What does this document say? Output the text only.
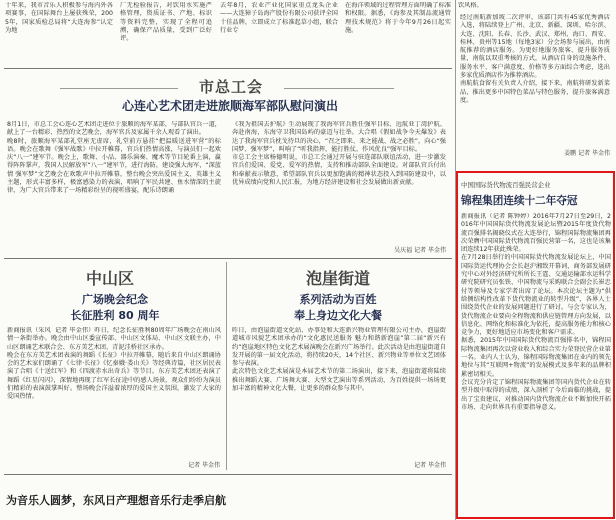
十年来，我市音乐人积极参与海内外各项赛事，在国际舞台上屡获殊荣，2005年，国家质检总局将“大连海参”认定为地
厂无检验报告，对饮用水实施严格管理，资质证书、产地、标识等资料完整，实现了全程可追溯，确保产品质量，受到广泛好评。
去年8月，农业产业化国家重点龙头企业——大连獐子岛海产股份有限公司获评全国十佳品牌，立即成立了标准起草小组，联合行业专
在海洋领域的过程管理方面明确了标准和权限。据悉，《海参及其制品流通管理技术规范》将于今年9月26日起实施。
饮风格。
市总工会
心连心艺术团走进旅顺海军部队慰问演出
8月1日，市总工会心连心艺术团走进位于旅顺的海军某部，与部队官兵一道，献上了一台精彩、热烈的文艺晚会，海军官兵及家属千余人观看了演出。
晚8时，旅顺海军某部礼堂座无虚席，礼堂前方悬挂“把温暖送进军营”的标语。晚会在歌舞《强军战歌》中拉开帷幕，官兵们热情高涨，与演员们一起欢庆“八一”建军节。晚会上，歌舞、小品、器乐演奏、魔术等节目轮番上演，赢得阵阵掌声，我国人民解放军“八一”建军节，进行海防，建设强大海军，“深蓝情 强军梦”文艺晚会在欢歌声中拉开帷幕，整台晚会突出爱国主义、英雄主义主题，形式丰富多样，极富感染力的表演，唱响了军民共建、鱼水情深的主旋律，为广大官兵带来了一场精彩纷呈的视听盛宴，配乐诗朗诵
《我为祖国去护航》生动展现了我海军官兵胜任强军目标、远航亚丁湾护航、奔赴南海，东海守卫我国岛屿的豪迈与壮举。大合唱《假如战争今天爆发》表达了我海军官兵枕戈待旦的决心，“召之即来、来之能战、战之必胜”，向心“强国梦、强军梦”，叫响了“听我指挥，能打胜仗，作风优良”强军目标。
市总工会主席杨德明说，市总工会通过开展与驻连部队联谊活动，进一步激发官兵们爱国、爱党、爱军的热情，支持和推动部队全面建设。对部队官兵付出和奉献表示敬意，希望部队官兵以更加饱满的精神状态投入到国防建设中，以优异成绩向党和人民汇报，为地方经济建设和社会发展做出新贡献。
吴庆福 记者 毕金伟
中山区
广场晚会纪念
长征胜利 80 周年
新商报讯（采风  记者 毕金伟）昨日，纪念长征胜利80周年广场晚会在南山风情一条街举办。晚会由中山区委宣传部、中山区文体局、中山区文联主办，中山区朗诵艺术联合会、东方美艺术团、青泥洼桥社区承办。
晚会在东方美艺术团表演的舞蹈《长征》中拉开帷幕，随后来自中山区朗诵协会的艺术家们朗诵了《七律·长征》《忆秦娥·娄山关》等经典诗篇，社区居民表演了合唱《十送红军》和《四渡赤水出奇兵》等节目。东方美艺术团还表演了舞蹈《红星闪闪》，深情地再现了红军长征途中的感人场景，观众们纷纷为演员们精彩的表演鼓掌叫好。整场晚会洋溢着浓厚的爱国主义氛围，激发了大家的爱国热情。
记者 毕金伟
泡崖街道
系列活动为百姓
奉上身边文化大餐
昨日，由泡崖街道文化站、办事处和大连新兴物业管理有限公司主办，泡崖街道城市风貌艺术团承办的“文化惠民送服务 魅力和谐新泡崖”第二届“新兴有约”泡崖地区特色文化艺术展演晚会在新兴广场举行。此次活动是由泡崖街道自发开展的第一届文化活动，将持续20天，14个社区、新兴物业等单位文艺团体参与表演。
此次特色文化艺术展演是本届艺术节的第二场演出，接下来，泡崖街道将陆续推出舞蹈大赛、广场舞大赛、大型文艺演出等系列活动，为百姓提供一场场更加丰富的精神文化大餐，让更多的群众参与其中。
记者 毕金伟
为音乐人圆梦，东风日产理想音乐行走季启航
经过南航新加坡二次评审，该部门共有45家优秀酒店入选，将陆续登上广州、北京、新疆、深圳、哈尔滨、大连、沈阳、长春、长沙、武汉、郑州、海口、西安、桂林、贵州等15地（每地3家）分会场参与展出，由南航推荐的酒店服务。为更好地服务旅客、提升服务质量，南航以双重考核的方式，从酒店自身的设施条件、服务水平、客户满意度、价格等多方面综合考虑，选出多家优质酒店作为推荐酒店。
南航航食留有关负责人介绍，接下来，南航将研发新菜品，推出更多中国特色菜品与特色服务，提升旅客满意度。
姜鹏 记者 毕金伟
中国国际货代物流百强民营企业
锦程集团连续十二年夺冠
新商报讯（记者 陈钟婷）2016年7月27日至29日，2016年中国国际货代物流发展论坛暨2015年度货代物流百强排名揭晓仪式在大连举行，锦程国际物流集团再次荣膺中国国际货代物流百强民营第一名，这也是该集团连续12年获此殊荣。
在7月28日举行的中国国际货代物流发展论坛上，中国国际货运代理协会会长赵沪湘致开幕词，商务部发展研究中心对外经济研究所所长王霆、交通运输部水运科学研究院研究员张铁、中国物流与采购联合会副会长崔忠付等领导及专家学者出席了论坛。本次论坛主题为“供给侧结构性改革下货代物流业的转型升级”，各界人士围绕货代企业的发展问题进行了研讨。与会专家认为，货代物流企业要向全程物流和供应链管理方向发展，以信息化、网络化和标准化为依托，提高服务能力和核心竞争力，更好地适应市场变化和客户需求。
据悉，2015年中国国际货代物流百强排名中，锦程国际物流集团再次以营业收入和综合实力荣登民营企业第一名。业内人士认为，锦程国际物流集团在业内的领先地位与其“互联网+物流”的发展模式及多年来的品牌积累密切相关。
会议充分肯定了锦程国际物流集团等国内货代企业在转型升级中取得的成绩，深入剖析了今后面临的挑战，提出了宝贵建议，对推动国内货代物流企业不断加快开拓市场、走向世界具有重要指导意义。
